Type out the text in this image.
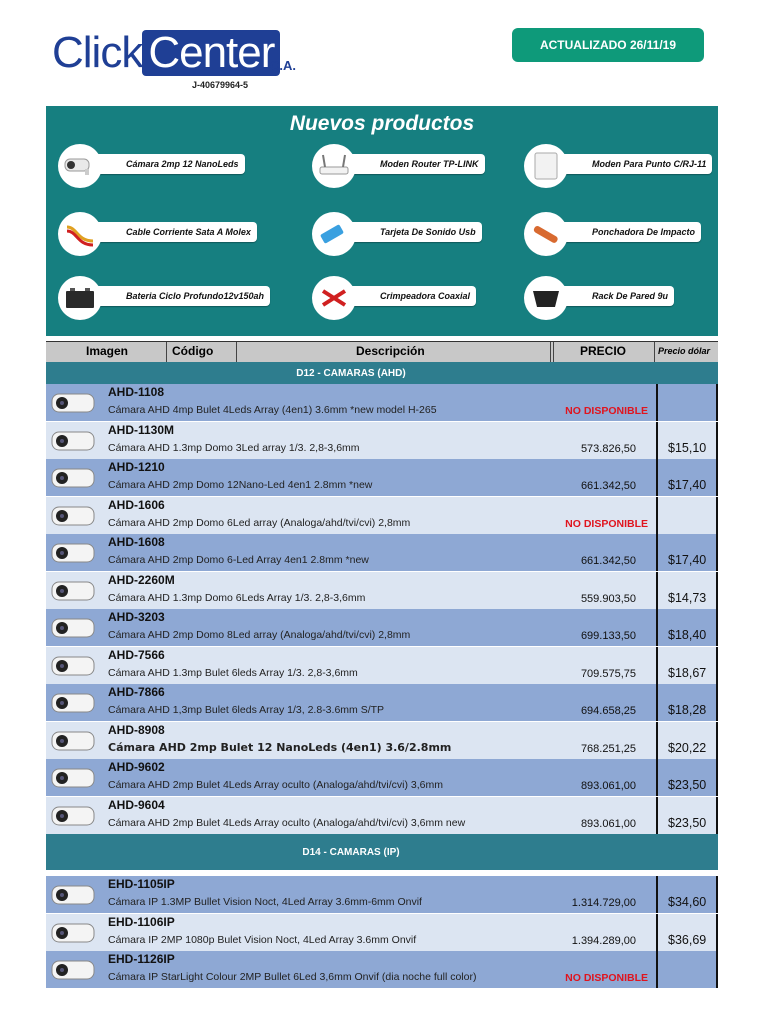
Click Center
C.A.
J-40679964-5
ACTUALIZADO 26/11/19
Nuevos productos
Cámara 2mp 12 NanoLeds	Moden Router TP-LINK	Moden Para Punto C/RJ-11
Cable Corriente Sata A Molex	Tarjeta De Sonido Usb	Ponchadora De Impacto
Bateria Ciclo Profundo12v150ah	Crimpeadora Coaxial	Rack De Pared 9u
Imagen	Código	Descripción	PRECIO	Precio dólar
D12 - CAMARAS (AHD)
AHD-1108
Cámara AHD 4mp Bulet 4Leds Array (4en1) 3.6mm *new model H-265	NO DISPONIBLE
AHD-1130M
Cámara AHD 1.3mp Domo 3Led array 1/3. 2,8-3,6mm	573.826,50	$15,10
AHD-1210
Cámara AHD 2mp Domo 12Nano-Led 4en1 2.8mm *new	661.342,50	$17,40
AHD-1606
Cámara AHD 2mp Domo 6Led array (Analoga/ahd/tvi/cvi) 2,8mm	NO DISPONIBLE
AHD-1608
Cámara AHD 2mp Domo 6-Led Array 4en1 2.8mm *new	661.342,50	$17,40
AHD-2260M
Cámara AHD 1.3mp Domo 6Leds Array 1/3. 2,8-3,6mm	559.903,50	$14,73
AHD-3203
Cámara AHD 2mp Domo 8Led array (Analoga/ahd/tvi/cvi) 2,8mm	699.133,50	$18,40
AHD-7566
Cámara AHD 1.3mp Bulet 6leds Array 1/3. 2,8-3,6mm	709.575,75	$18,67
AHD-7866
Cámara AHD 1,3mp Bulet 6leds Array 1/3, 2.8-3.6mm S/TP	694.658,25	$18,28
AHD-8908
Cámara AHD 2mp Bulet 12 NanoLeds (4en1) 3.6/2.8mm	768.251,25	$20,22
AHD-9602
Cámara AHD 2mp Bulet 4Leds Array oculto (Analoga/ahd/tvi/cvi) 3,6mm	893.061,00	$23,50
AHD-9604
Cámara AHD 2mp Bulet 4Leds Array oculto (Analoga/ahd/tvi/cvi) 3,6mm new	893.061,00	$23,50
D14 - CAMARAS (IP)
EHD-1105IP
Cámara IP 1.3MP Bullet Vision Noct, 4Led Array 3.6mm-6mm Onvif	1.314.729,00	$34,60
EHD-1106IP
Cámara IP 2MP 1080p Bulet Vision Noct, 4Led Array 3.6mm Onvif	1.394.289,00	$36,69
EHD-1126IP
Cámara IP StarLight Colour 2MP Bullet 6Led 3,6mm Onvif (dia noche full color)	NO DISPONIBLE
